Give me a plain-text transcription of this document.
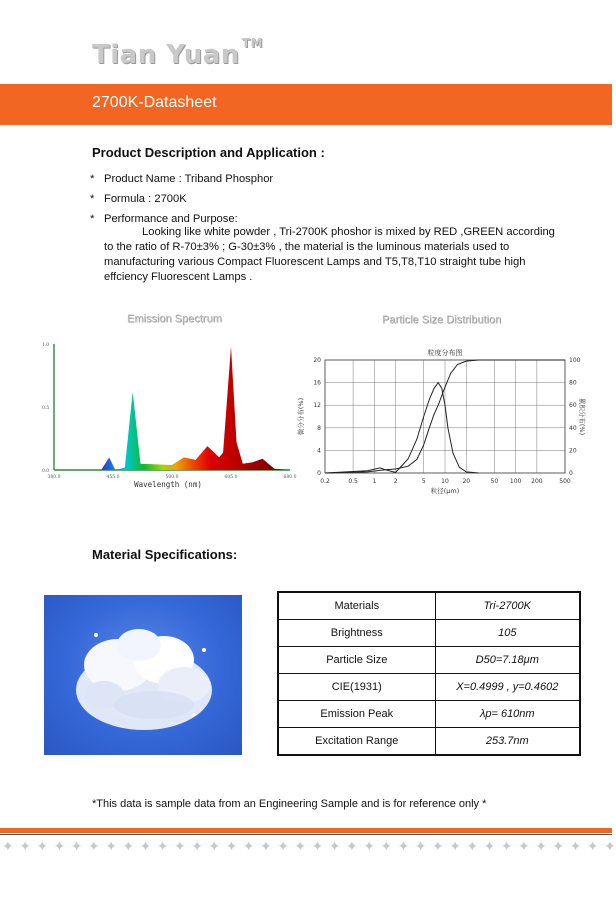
Tian Yuan ™
2700K-Datasheet
Product Description and Application :
* Product Name : Triband Phosphor
* Formula : 2700K
* Performance and Purpose:
Looking like white powder , Tri-2700K phoshor is mixed by RED ,GREEN according to the ratio of R-70±3% ; G-30±3% , the material is the luminous materials used to manufacturing various Compact Fluorescent Lamps and T5,T8,T10 straight tube high effciency Fluorescent Lamps .
Emission Spectrum	Particle Size Distribution
1.0
0.5
0.0
380.0	455.0	500.0	605.0	680.0
Wavelength (nm)
粒度分布图
0
4
8
12
16
20
0
20
40
60
80
100
0.2	0.5 1	2	5	10 20	50 100 200	500
粒径(μm)
微分分布(%)	累积分布(%)
Material Specifications:
Materials	Tri-2700K
Brightness	105
Particle Size	D50=7.18μm
CIE(1931)	X=0.4999 , y=0.4602
Emission Peak	λp= 610nm
Excitation Range	253.7nm
*This data is sample data from an Engineering Sample and is for reference only *
✦ ✦ ✦ ✦ ✦ ✦ ✦ ✦ ✦ ✦ ✦ ✦ ✦ ✦ ✦ ✦ ✦ ✦ ✦ ✦ ✦ ✦ ✦ ✦ ✦ ✦ ✦ ✦ ✦ ✦ ✦ ✦ ✦ ✦ ✦ ✦
